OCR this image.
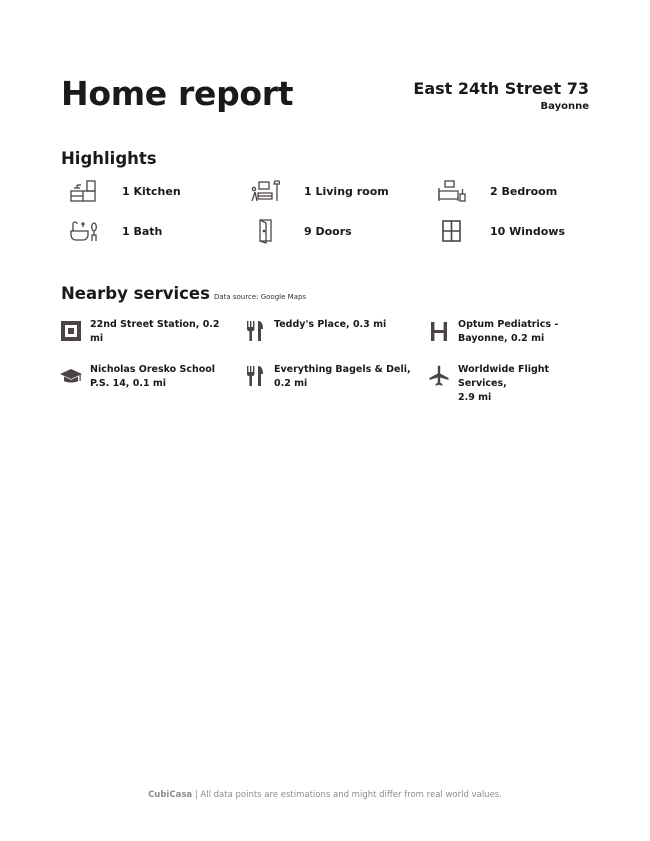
Home report	East 24th Street 73
Bayonne
Highlights
1 Kitchen	1 Living room	2 Bedroom
1 Bath	9 Doors	10 Windows
Nearby services Data source: Google Maps
22nd Street Station, 0.2 mi
Teddy's Place, 0.3 mi	Optum Pediatrics -
Bayonne, 0.2 mi
Nicholas Oresko School
P.S. 14, 0.1 mi
Everything Bagels & Deli,
0.2 mi
Worldwide Flight Services,
2.9 mi
CubiCasa | All data points are estimations and might differ from real world values.
